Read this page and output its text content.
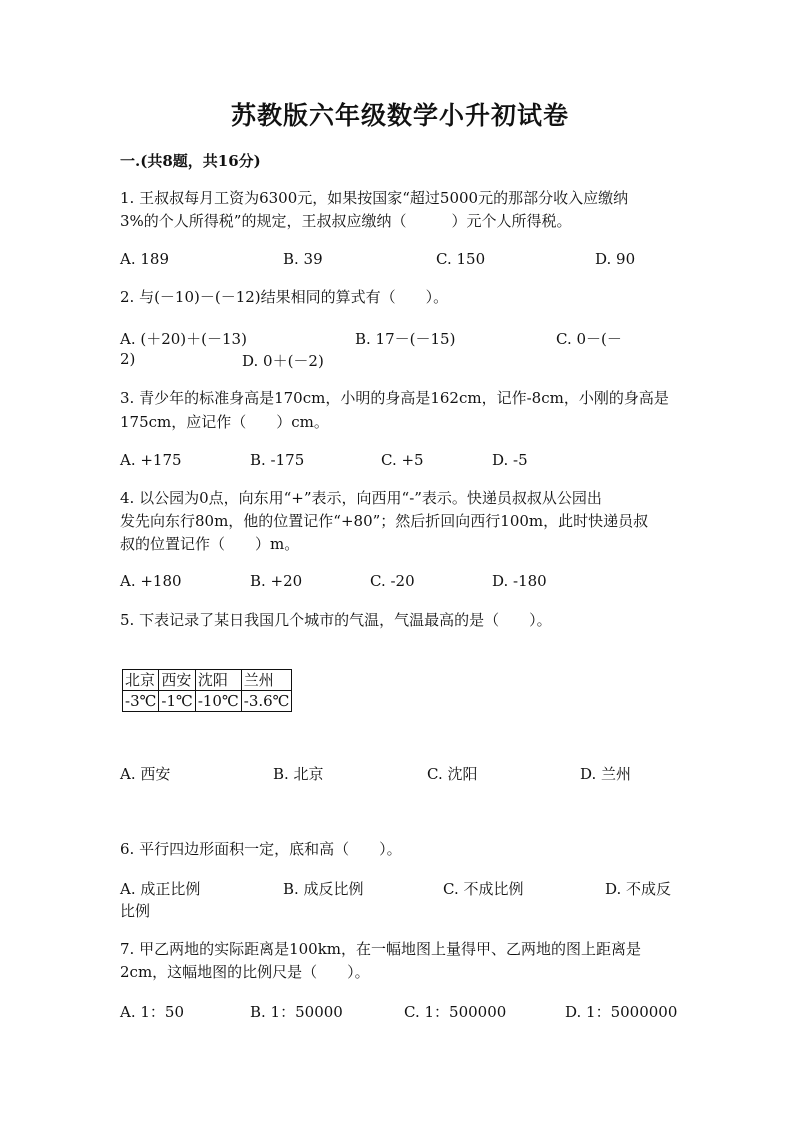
苏教版六年级数学小升初试卷
一.(共8题，共16分)
1. 王叔叔每月工资为6300元，如果按国家“超过5000元的那部分收入应缴纳
3%的个人所得税”的规定，王叔叔应缴纳（　　　）元个人所得税。
A. 189	B. 39	C. 150	D. 90
2. 与(－10)－(－12)结果相同的算式有（　　）。
A. (＋20)＋(－13)	B. 17－(－15)	C. 0－(－
2)	D. 0＋(－2)
3. 青少年的标准身高是170cm，小明的身高是162cm，记作-8cm，小刚的身高是
175cm，应记作（　　）cm。
A. +175	B. -175	C. +5	D. -5
4. 以公园为0点，向东用“+”表示，向西用“-”表示。快递员叔叔从公园出
发先向东行80m，他的位置记作“+80”；然后折回向西行100m，此时快递员叔
叔的位置记作（　　）m。
A. +180	B. +20	C. -20	D. -180
5. 下表记录了某日我国几个城市的气温，气温最高的是（　　）。
北京	西安	沈阳	兰州
-3℃	-1℃	-10℃	-3.6℃
A. 西安	B. 北京	C. 沈阳	D. 兰州
6. 平行四边形面积一定，底和高（　　）。
A. 成正比例	B. 成反比例	C. 不成比例	D. 不成反
比例
7. 甲乙两地的实际距离是100km，在一幅地图上量得甲、乙两地的图上距离是
2cm，这幅地图的比例尺是（　　）。
A. 1：50	B. 1：50000	C. 1：500000	D. 1：5000000
